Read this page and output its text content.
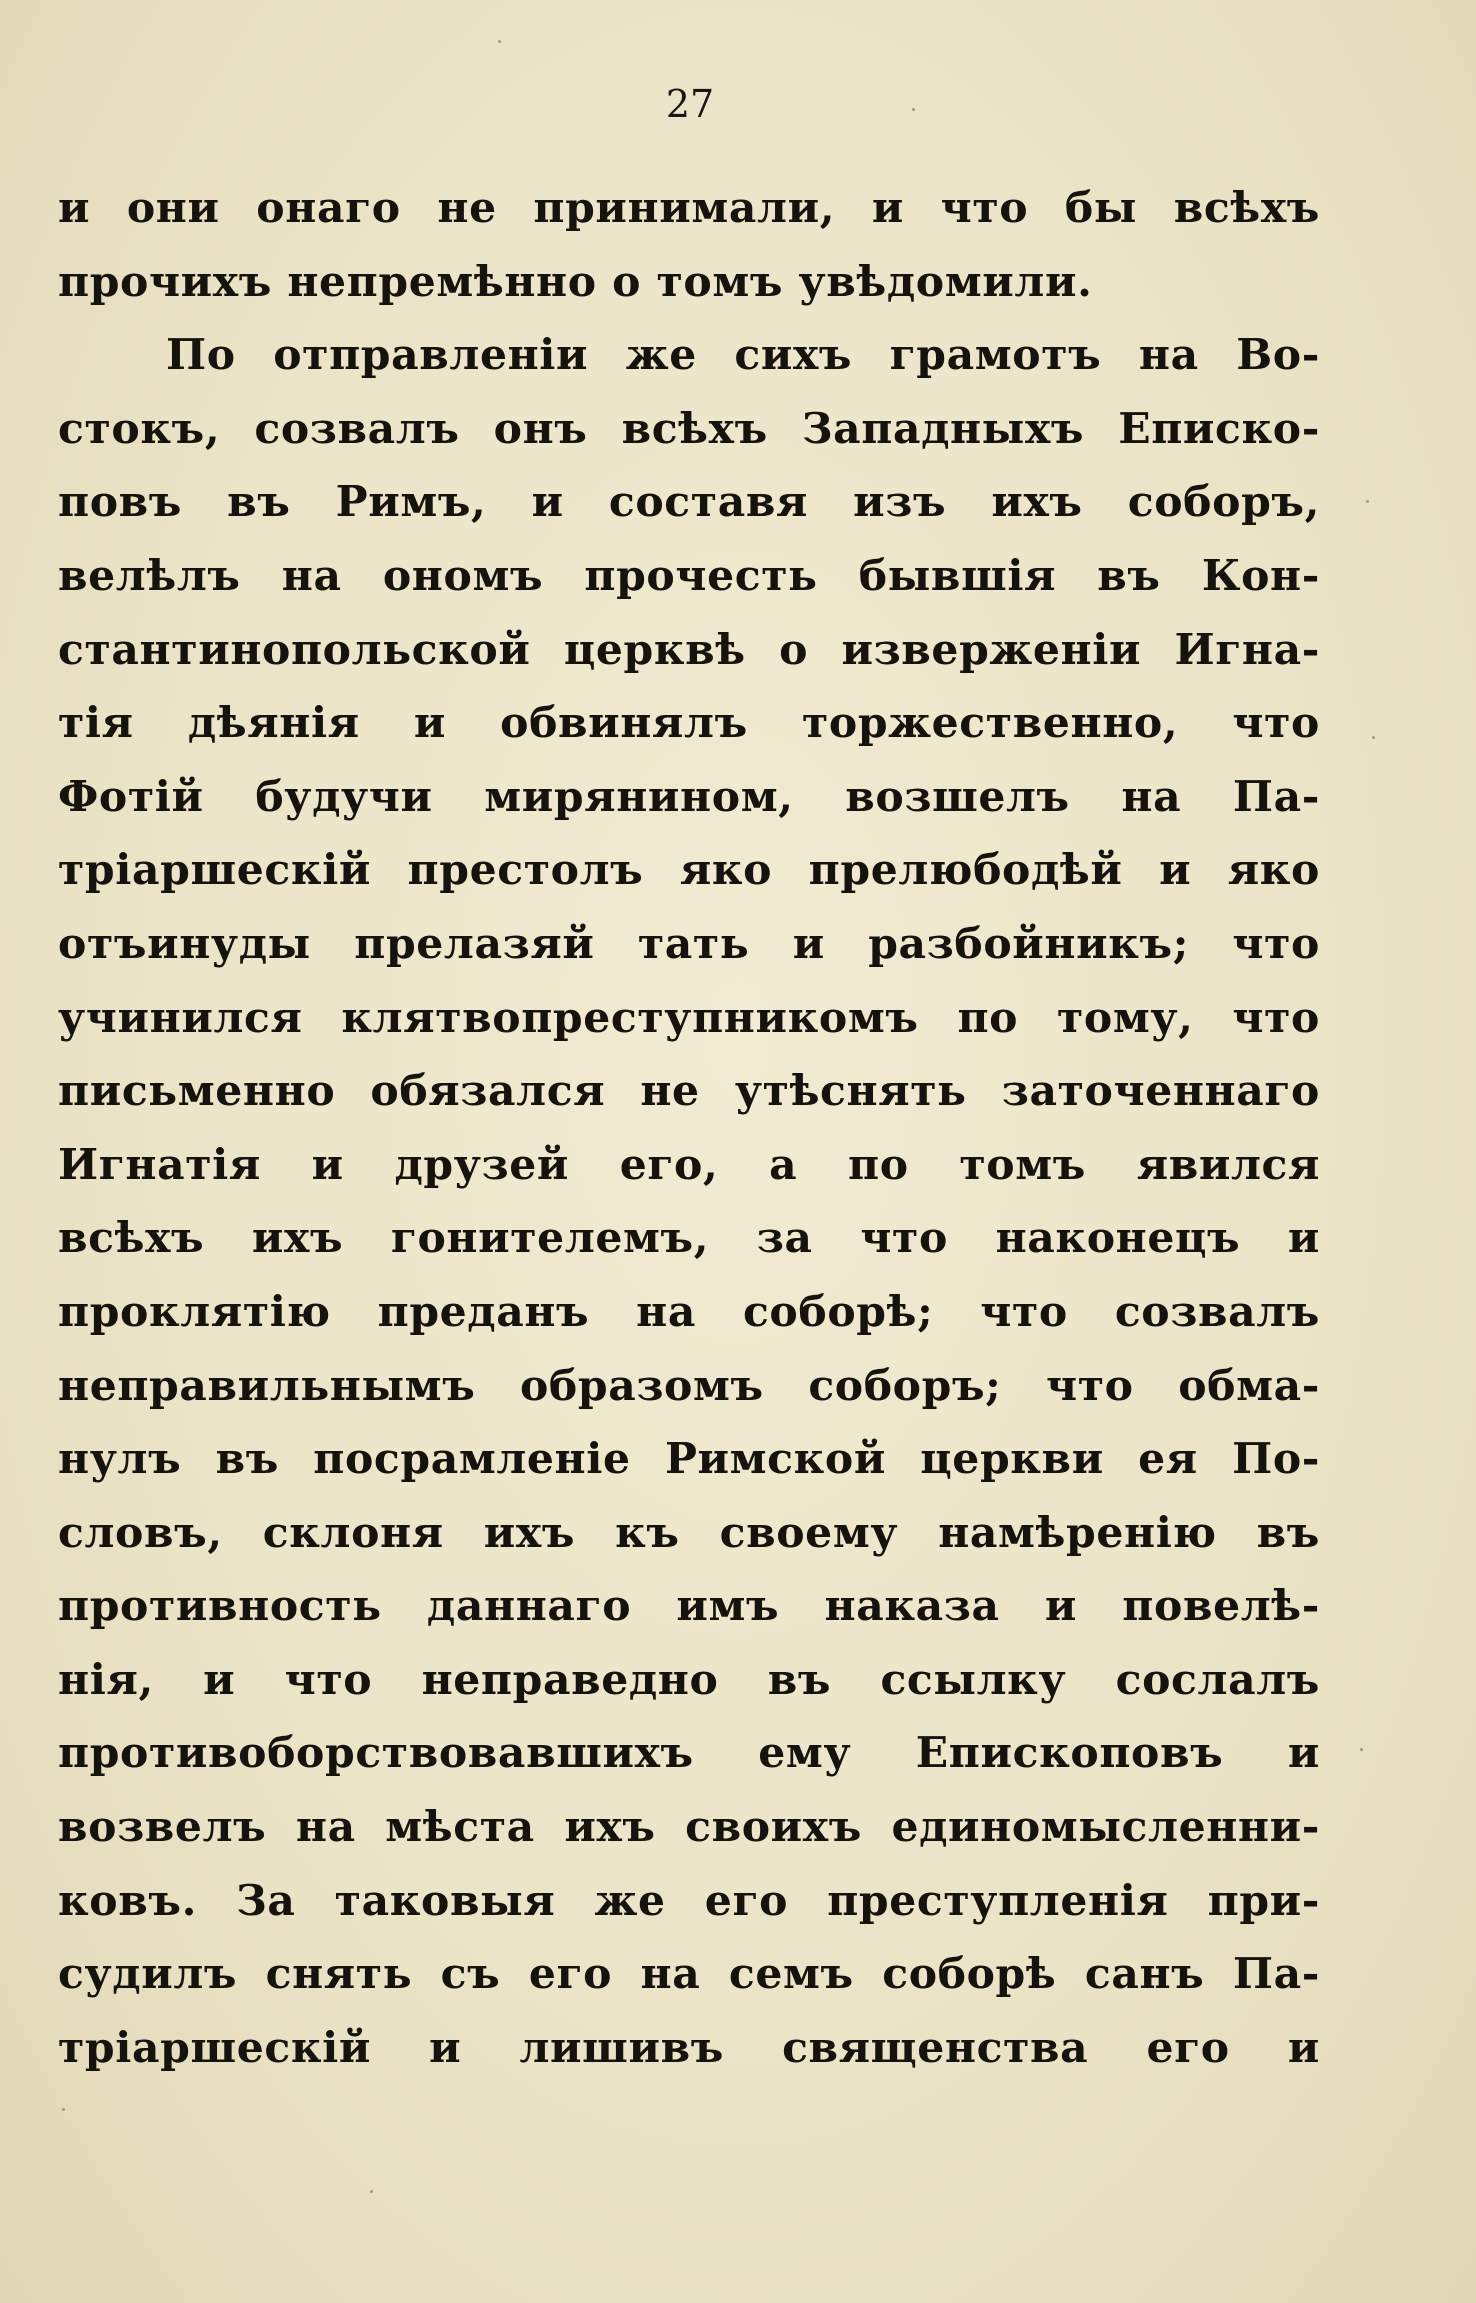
27
и они онаго не принимали, и что бы всѣхъ
прочихъ непремѣнно о томъ увѣдомили.
По отправленіи же сихъ грамотъ на Во-
стокъ, созвалъ онъ всѣхъ Западныхъ Еписко-
повъ въ Римъ, и составя изъ ихъ соборъ,
велѣлъ на ономъ прочесть бывшія въ Кон-
стантинопольской церквѣ о изверженіи Игна-
тія дѣянія и обвинялъ торжественно, что
Фотій будучи мирянином, возшелъ на Па-
тріаршескій престолъ яко прелюбодѣй и яко
отъинуды прелазяй тать и разбойникъ; что
учинился клятвопреступникомъ по тому, что
письменно обязался не утѣснять заточеннаго
Игнатія и друзей его, а по томъ явился
всѣхъ ихъ гонителемъ, за что наконецъ и
проклятію преданъ на соборѣ; что созвалъ
неправильнымъ образомъ соборъ; что обма-
нулъ въ посрамленіе Римской церкви ея По-
словъ, склоня ихъ къ своему намѣренію въ
противность даннаго имъ наказа и повелѣ-
нія, и что неправедно въ ссылку сослалъ
противоборствовавшихъ ему Епископовъ и
возвелъ на мѣста ихъ своихъ единомысленни-
ковъ. За таковыя же его преступленія при-
судилъ снять съ его на семъ соборѣ санъ Па-
тріаршескій и лишивъ священства его и
